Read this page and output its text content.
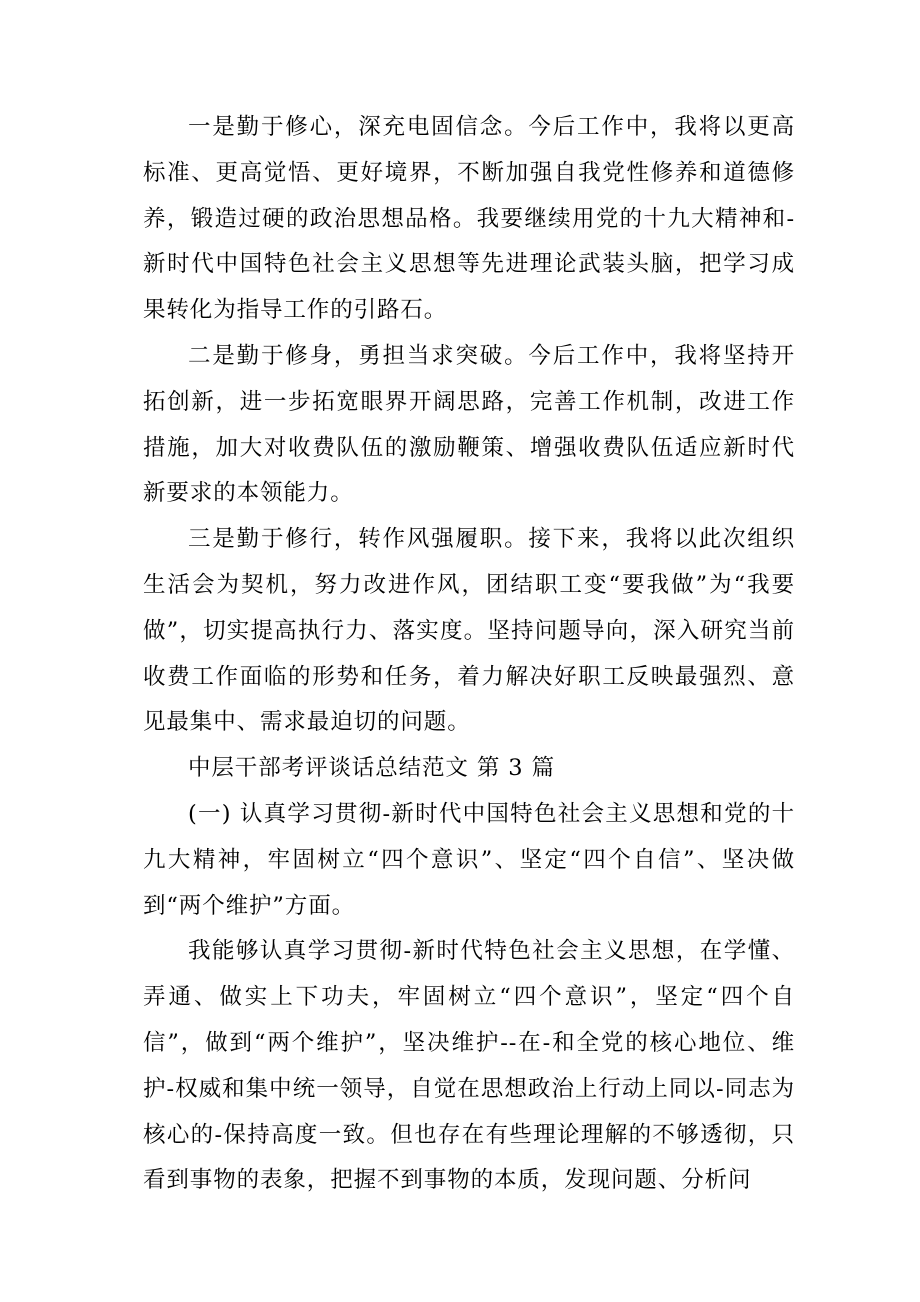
一是勤于修心，深充电固信念。今后工作中，我将以更高标准、更高觉悟、更好境界，不断加强自我党性修养和道德修养，锻造过硬的政治思想品格。我要继续用党的十九大精神和-新时代中国特色社会主义思想等先进理论武装头脑，把学习成果转化为指导工作的引路石。

二是勤于修身，勇担当求突破。今后工作中，我将坚持开拓创新，进一步拓宽眼界开阔思路，完善工作机制，改进工作措施，加大对收费队伍的激励鞭策、增强收费队伍适应新时代新要求的本领能力。

三是勤于修行，转作风强履职。接下来，我将以此次组织生活会为契机，努力改进作风，团结职工变“要我做”为“我要做”，切实提高执行力、落实度。坚持问题导向，深入研究当前收费工作面临的形势和任务，着力解决好职工反映最强烈、意见最集中、需求最迫切的问题。

中层干部考评谈话总结范文 第 3 篇

(一) 认真学习贯彻-新时代中国特色社会主义思想和党的十九大精神，牢固树立“四个意识”、坚定“四个自信”、坚决做到“两个维护”方面。

我能够认真学习贯彻-新时代特色社会主义思想，在学懂、弄通、做实上下功夫，牢固树立“四个意识”，坚定“四个自信”，做到“两个维护”，坚决维护--在-和全党的核心地位、维护-权威和集中统一领导，自觉在思想政治上行动上同以-同志为核心的-保持高度一致。但也存在有些理论理解的不够透彻，只看到事物的表象，把握不到事物的本质，发现问题、分析问
